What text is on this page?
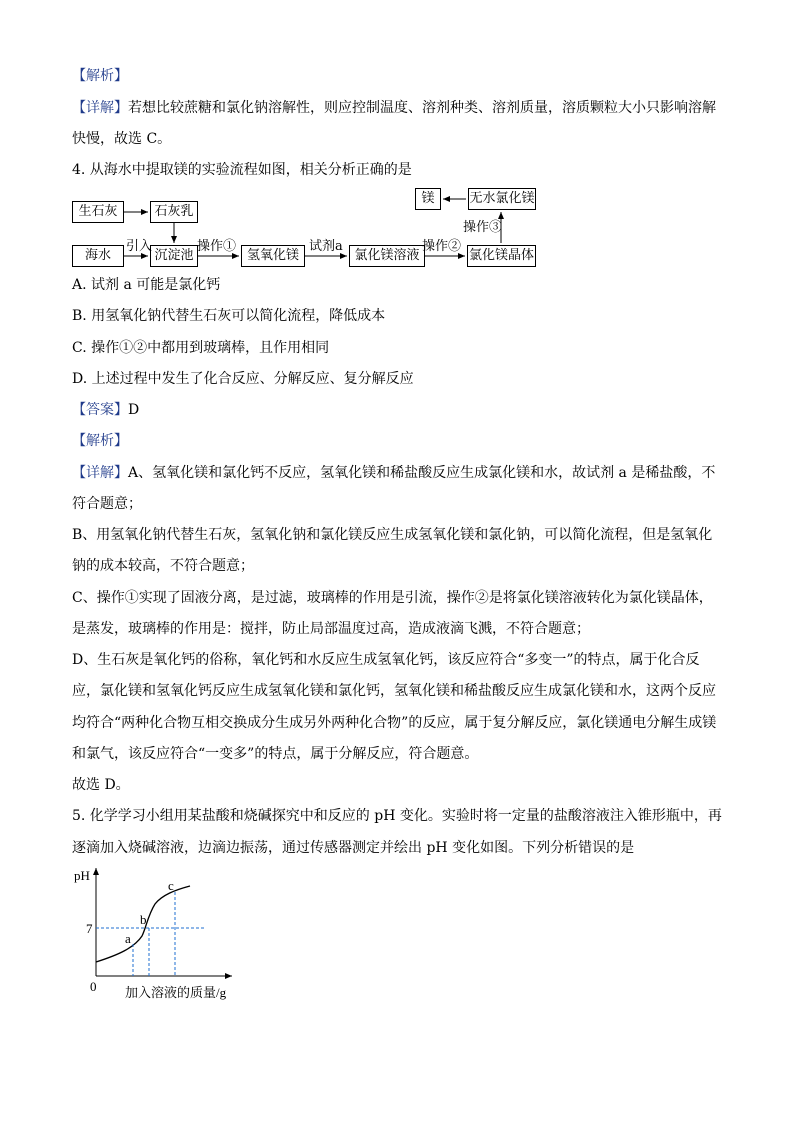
【解析】
【详解】若想比较蔗糖和氯化钠溶解性，则应控制温度、溶剂种类、溶剂质量，溶质颗粒大小只影响溶解
快慢，故选 C。
4. 从海水中提取镁的实验流程如图，相关分析正确的是
镁	无水氯化镁
生石灰	石灰乳
海水	沉淀池	氢氧化镁	氯化镁溶液	氯化镁晶体
引入	操作①	试剂a	操作②
操作③
A. 试剂 a 可能是氯化钙
B. 用氢氧化钠代替生石灰可以简化流程，降低成本
C. 操作①②中都用到玻璃棒，且作用相同
D. 上述过程中发生了化合反应、分解反应、复分解反应
【答案】D
【解析】
【详解】A、氢氧化镁和氯化钙不反应，氢氧化镁和稀盐酸反应生成氯化镁和水，故试剂 a 是稀盐酸，不
符合题意；
B、用氢氧化钠代替生石灰，氢氧化钠和氯化镁反应生成氢氧化镁和氯化钠，可以简化流程，但是氢氧化
钠的成本较高，不符合题意；
C、操作①实现了固液分离，是过滤，玻璃棒的作用是引流，操作②是将氯化镁溶液转化为氯化镁晶体，
是蒸发，玻璃棒的作用是：搅拌，防止局部温度过高，造成液滴飞溅，不符合题意；
D、生石灰是氧化钙的俗称，氧化钙和水反应生成氢氧化钙，该反应符合“多变一”的特点，属于化合反
应，氯化镁和氢氧化钙反应生成氢氧化镁和氯化钙，氢氧化镁和稀盐酸反应生成氯化镁和水，这两个反应
均符合“两种化合物互相交换成分生成另外两种化合物”的反应，属于复分解反应，氯化镁通电分解生成镁
和氯气，该反应符合“一变多”的特点，属于分解反应，符合题意。
故选 D。
5. 化学学习小组用某盐酸和烧碱探究中和反应的 pH 变化。实验时将一定量的盐酸溶液注入锥形瓶中，再
逐滴加入烧碱溶液，边滴边振荡，通过传感器测定并绘出 pH 变化如图。下列分析错误的是
pH
7
0
a
b
c
加入溶液的质量/g
